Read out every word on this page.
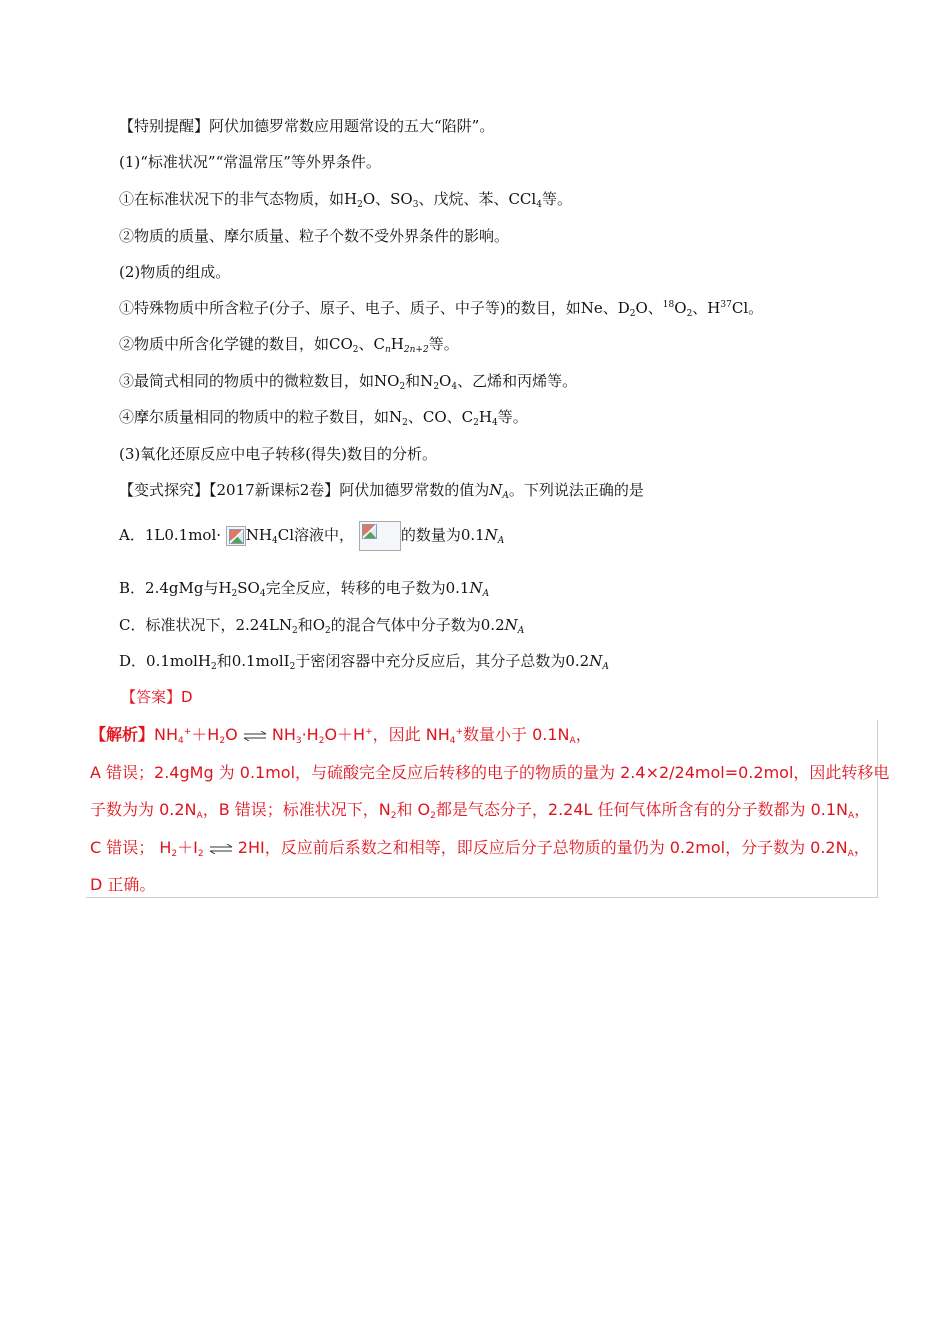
【特别提醒】阿伏加德罗常数应用题常设的五大“陷阱”。
(1)“标准状况”“常温常压”等外界条件。
①在标准状况下的非气态物质，如$H_2O$、$SO_3$、戊烷、苯、CCl$_4$等。
②物质的质量、摩尔质量、粒子个数不受外界条件的影响。
(2)物质的组成。
①特殊物质中所含粒子(分子、原子、电子、质子、中子等)的数目，如Ne、$D_2O$、$^{18}O_2$、$H^{37}Cl$。
②物质中所含化学键的数目，如$CO_2$、$C_nH_{2n+2}$等。
③最简式相同的物质中的微粒数目，如$NO_2$和$N_2O_4$、乙烯和丙烯等。
④摩尔质量相同的物质中的粒子数目，如$N_2$、CO、$C_2H_4$等。
(3)氧化还原反应中电子转移(得失)数目的分析。
【变式探究】【2017新课标2卷】阿伏加德罗常数的值为$N_A$。下列说法正确的是
A．$1L0.1mol\cdot NH_4Cl$溶液中，	的数量为$0.1N_A$
B．2.4gMg与$H_2SO_4$完全反应，转移的电子数为$0.1N_A$
C．标准状况下，$2.24LN_2$和$O_2$的混合气体中分子数为$0.2N_A$
D．0.1molH$_2$和0.1molI$_2$于密闭容器中充分反应后，其分子总数为$0.2N_A$
【答案】D
【解析】$NH_4^++H_2O$ ⇌ $NH_3\cdot H_2O+H^+$，因此 $NH_4^+$数量小于 $0.1N_A$，
A 错误；2.4gMg 为 0.1mol，与硫酸完全反应后转移的电子的物质的量为 2.4×2/24mol=0.2mol，因此转移电
子数为为 $0.2N_A$，B 错误；标准状况下，$N_2$和 $O_2$都是气态分子，2.24L 任何气体所含有的分子数都为 $0.1N_A$，
C 错误； $H_2+I_2$ ⇌ 2HI，反应前后系数之和相等，即反应后分子总物质的量仍为 0.2mol，分子数为 $0.2N_A$，
D 正确。
